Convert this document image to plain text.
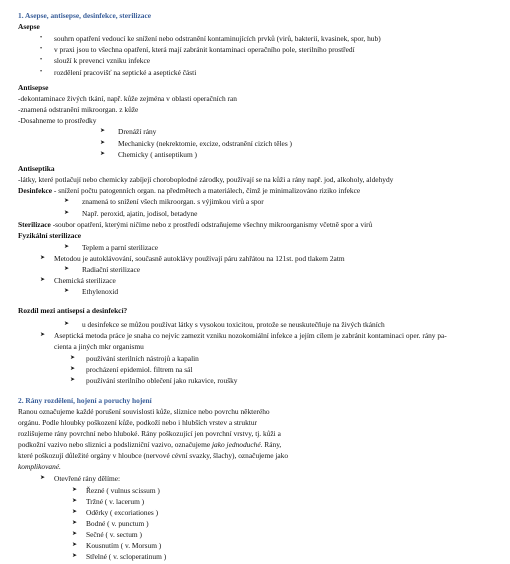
1. Asepse, antisepse, desinfekce, sterilizace
Asepse
• souhrn opatření vedoucí ke snížení nebo odstranění kontaminujících prvků (virů, bakterií, kvasinek, spor, hub)
• v praxi jsou to všechna opatření, která mají zabránit kontaminaci operačního pole, sterilního prostředí
• slouží k prevenci vzniku infekce
• rozdělení pracovišť na septické a aseptické části
Antisepse
-dekontaminace živých tkání, např. kůže zejména v oblasti operačních ran
-znamená odstranění mikroorgan. z kůže
-Dosahneme to prostředky
➤ Drenáží rány
➤ Mechanicky (nekrektomie, excize, odstranění cizích těles )
➤ Chemicky ( antiseptikum )
Antiseptika
-látky, které potlačují nebo chemicky zabíjejí choroboplodné zárodky, používají se na kůži a rány např. jod, alkoholy, aldehydy
Desinfekce - snížení počtu patogenních organ. na předmětech a materiálech, čímž je minimalizováno riziko infekce
➤ znamená to snížení všech mikroorgan. s výjimkou virů a spor
➤ Např. peroxid, ajatin, jodisol, betadyne
Sterilizace -soubor opatření, kterými ničíme nebo z prostředí odstraňujeme všechny mikroorganismy včetně spor a virů
Fyzikální sterilizace
➤ Teplem a parní sterilizace
➤ Metodou je autoklávování, současně autoklávy používají páru zahřátou na 121st. pod tlakem 2atm
➤ Radiační sterilizace
➤ Chemická sterilizace
➤ Ethylenoxid
Rozdíl mezi antisepsí a desinfekcí?
➤ u desinfekce se můžou používat látky s vysokou toxicitou, protože se neuskutečňuje na živých tkáních
➤ Aseptická metoda práce je snaha co nejvíc zamezit vzniku nozokomiální infekce a jejím cílem je zabránit kontaminaci oper. rány pa-
cienta a jiných mkr organismu
➤ používání sterilních nástrojů a kapalin
➤ procházení epidemiol. filtrem na sál
➤ používání sterilního oblečení jako rukavice, roušky
2. Rány rozdělení, hojení a poruchy hojení
Ranou označujeme každé porušení souvislosti kůže, sliznice nebo povrchu některého
orgánu. Podle hloubky poškození kůže, podkoží nebo i hlubších vrstev a struktur
rozlišujeme rány povrchní nebo hluboké. Rány poškozující jen povrchní vrstvy, tj. kůži a
podkožní vazivo nebo sliznici a podslizniční vazivo, označujeme jako jednoduché. Rány,
které poškozují důležité orgány v hloubce (nervové cévní svazky, šlachy), označujeme jako
komplikované.
➤ Otevřené rány dělíme:
➤ Řezné ( vulnus scissum )
➤ Tržné ( v. lacerum )
➤ Oděrky ( excoriationes )
➤ Bodné ( v. punctum )
➤ Sečné ( v. sectum )
➤ Kousnutím ( v. Morsum )
➤ Střelné ( v. scloperatinum )
